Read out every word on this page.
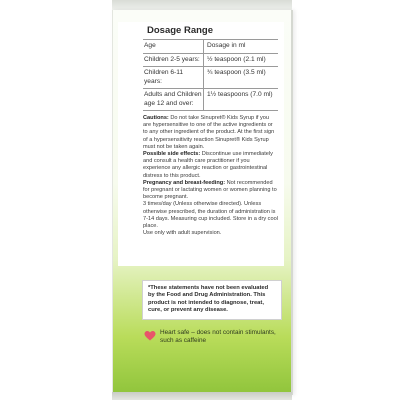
Dosage Range
Age	Dosage in ml
Children 2-5 years:	½ teaspoon (2.1 ml)
Children 6-11 years:	¾ teaspoon (3.5 ml)
Adults and Children age 12 and over:	1½ teaspoons (7.0 ml)

Cautions: Do not take Sinupret® Kids Syrup if you are hypersensitive to one of the active ingredients or to any other ingredient of the product. At the first sign of a hypersensitivity reaction Sinupret® Kids Syrup must not be taken again.

Possible side effects: Discontinue use immediately and consult a health care practitioner if you experience any allergic reaction or gastrointestinal distress to this product.

Pregnancy and breast-feeding: Not recommended for pregnant or lactating women or women planning to become pregnant.

3 times/day (Unless otherwise directed). Unless otherwise prescribed, the duration of administration is 7-14 days. Measuring cup included. Store in a dry cool place.

Use only with adult supervision.

*These statements have not been evaluated by the Food and Drug Administration. This product is not intended to diagnose, treat, cure, or prevent any disease.
Heart safe – does not contain stimulants, such as caffeine
